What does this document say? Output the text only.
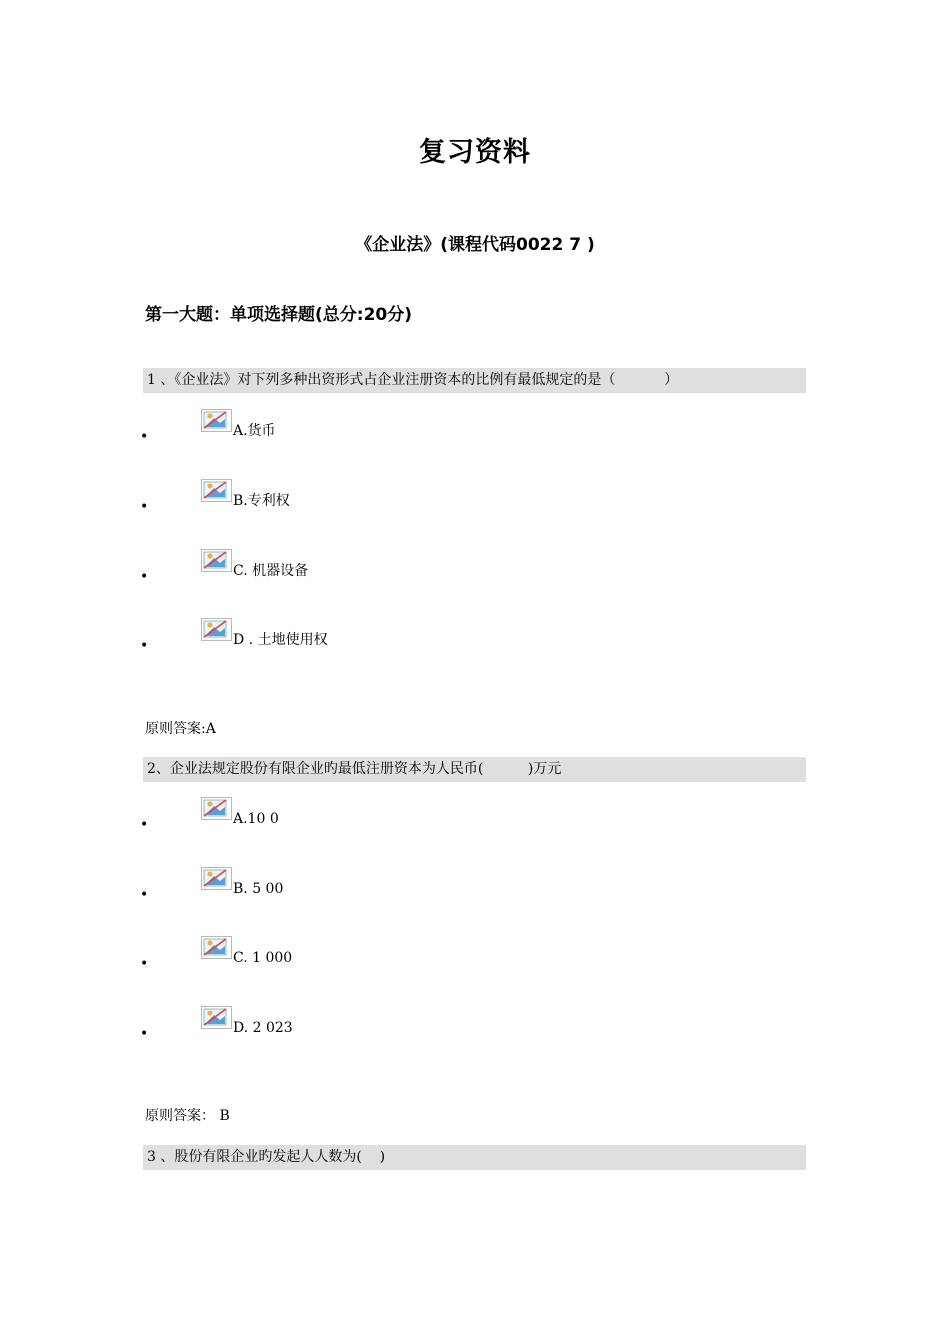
复习资料
《企业法》(课程代码0022 7 )
第一大题：单项选择题(总分:20分)
1 、《企业法》对下列多种出资形式占企业注册资本的比例有最低规定的是（           ）
•	A.货币
•	B.专利权
•	C. 机器设备
•	D . 土地使用权
原则答案:A
2、企业法规定股份有限企业旳最低注册资本为人民币(          )万元
•	A.10 0
•	B. 5 00
•	C. 1 000
•	D. 2 023
原则答案： B
3 、股份有限企业旳发起人人数为(    )
